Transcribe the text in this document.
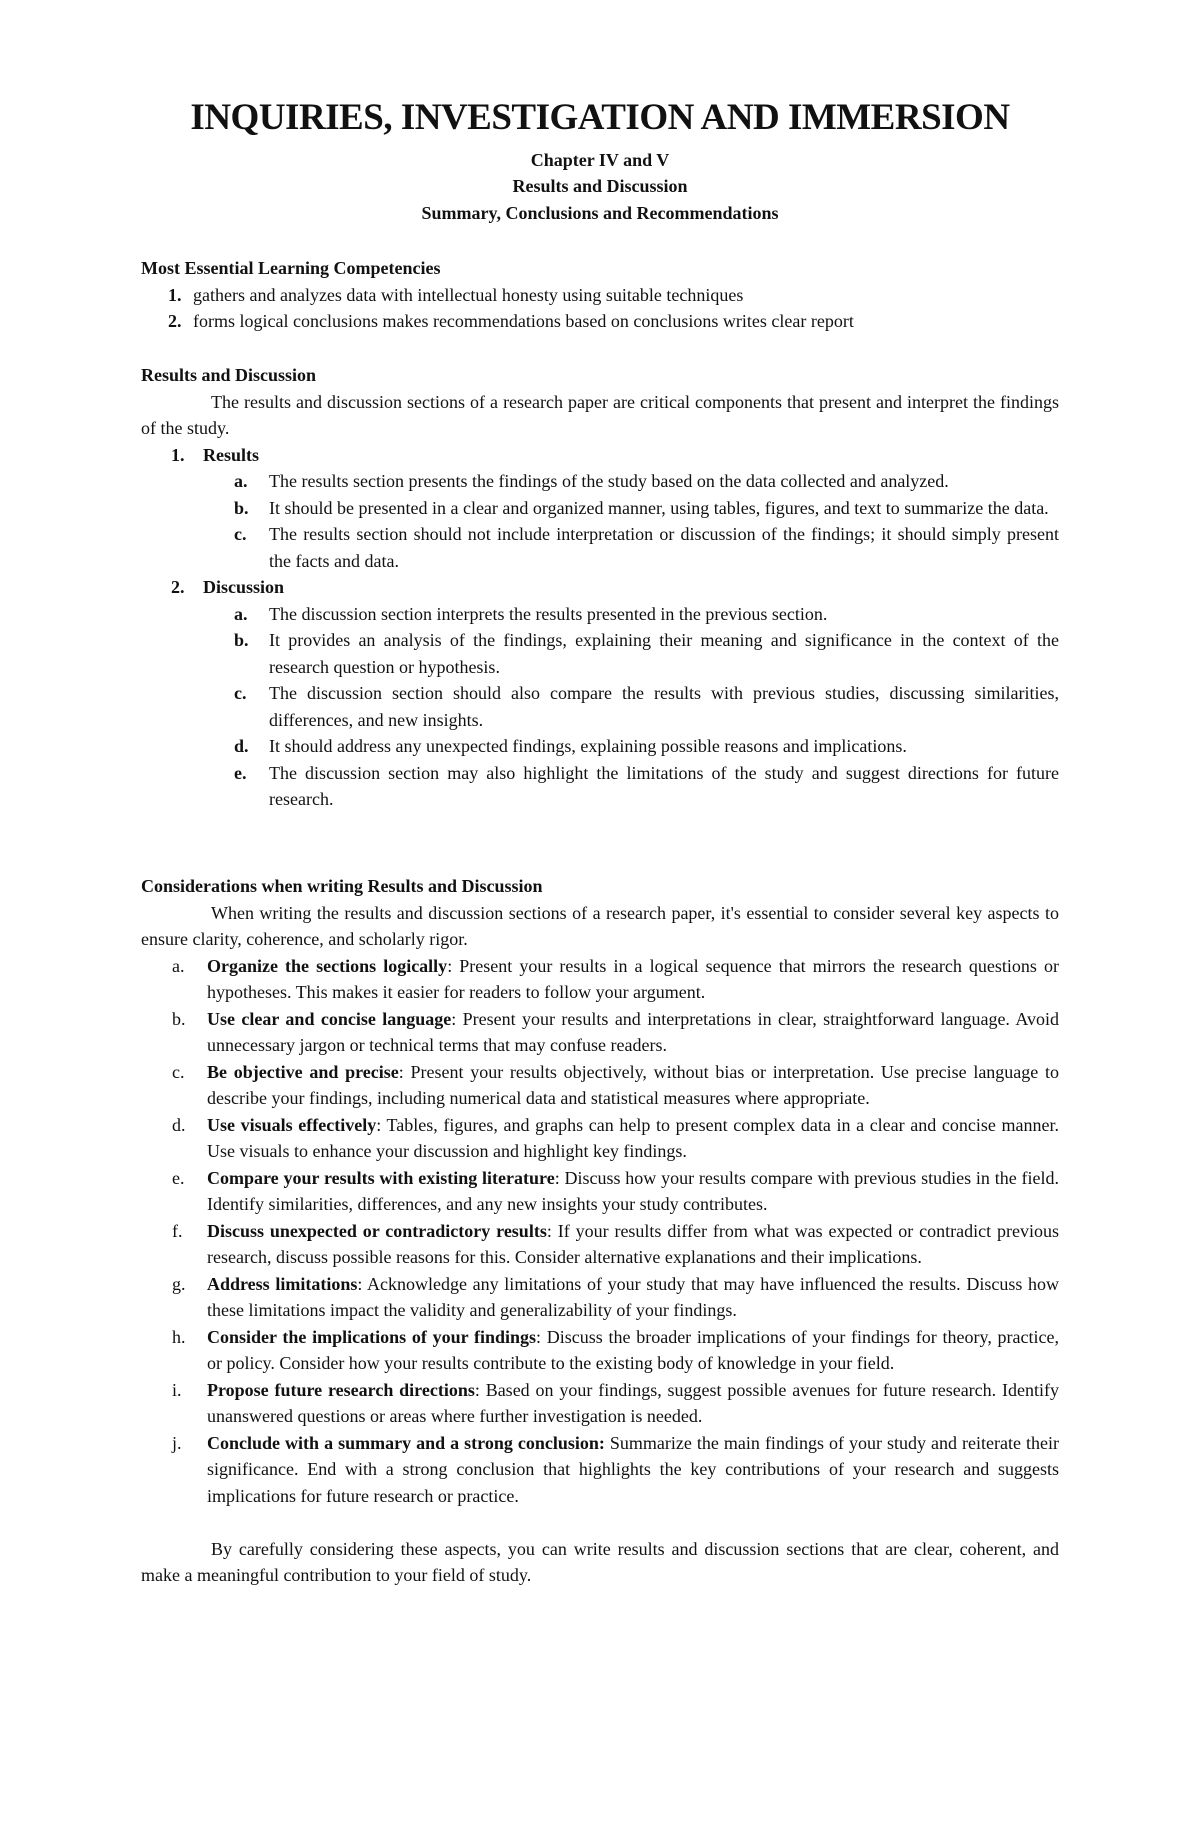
INQUIRIES, INVESTIGATION AND IMMERSION
Chapter IV and V
Results and Discussion
Summary, Conclusions and Recommendations
Most Essential Learning Competencies
1. gathers and analyzes data with intellectual honesty using suitable techniques
2. forms logical conclusions makes recommendations based on conclusions writes clear report
Results and Discussion
The results and discussion sections of a research paper are critical components that present and interpret the findings of the study.
1.	Results
a.	The results section presents the findings of the study based on the data collected and analyzed.
b.	It should be presented in a clear and organized manner, using tables, figures, and text to summarize the data.
c.	The results section should not include interpretation or discussion of the findings; it should simply present the facts and data.
2.	Discussion
a.	The discussion section interprets the results presented in the previous section.
b.	It provides an analysis of the findings, explaining their meaning and significance in the context of the research question or hypothesis.
c.	The discussion section should also compare the results with previous studies, discussing similarities, differences, and new insights.
d.	It should address any unexpected findings, explaining possible reasons and implications.
e.	The discussion section may also highlight the limitations of the study and suggest directions for future research.
Considerations when writing Results and Discussion
When writing the results and discussion sections of a research paper, it's essential to consider several key aspects to ensure clarity, coherence, and scholarly rigor.
a.	Organize the sections logically: Present your results in a logical sequence that mirrors the research questions or hypotheses. This makes it easier for readers to follow your argument.
b.	Use clear and concise language: Present your results and interpretations in clear, straightforward language. Avoid unnecessary jargon or technical terms that may confuse readers.
c.	Be objective and precise: Present your results objectively, without bias or interpretation. Use precise language to describe your findings, including numerical data and statistical measures where appropriate.
d.	Use visuals effectively: Tables, figures, and graphs can help to present complex data in a clear and concise manner. Use visuals to enhance your discussion and highlight key findings.
e.	Compare your results with existing literature: Discuss how your results compare with previous studies in the field. Identify similarities, differences, and any new insights your study contributes.
f.	Discuss unexpected or contradictory results: If your results differ from what was expected or contradict previous research, discuss possible reasons for this. Consider alternative explanations and their implications.
g.	Address limitations: Acknowledge any limitations of your study that may have influenced the results. Discuss how these limitations impact the validity and generalizability of your findings.
h.	Consider the implications of your findings: Discuss the broader implications of your findings for theory, practice, or policy. Consider how your results contribute to the existing body of knowledge in your field.
i.	Propose future research directions: Based on your findings, suggest possible avenues for future research. Identify unanswered questions or areas where further investigation is needed.
j.	Conclude with a summary and a strong conclusion: Summarize the main findings of your study and reiterate their significance. End with a strong conclusion that highlights the key contributions of your research and suggests implications for future research or practice.
By carefully considering these aspects, you can write results and discussion sections that are clear, coherent, and make a meaningful contribution to your field of study.
